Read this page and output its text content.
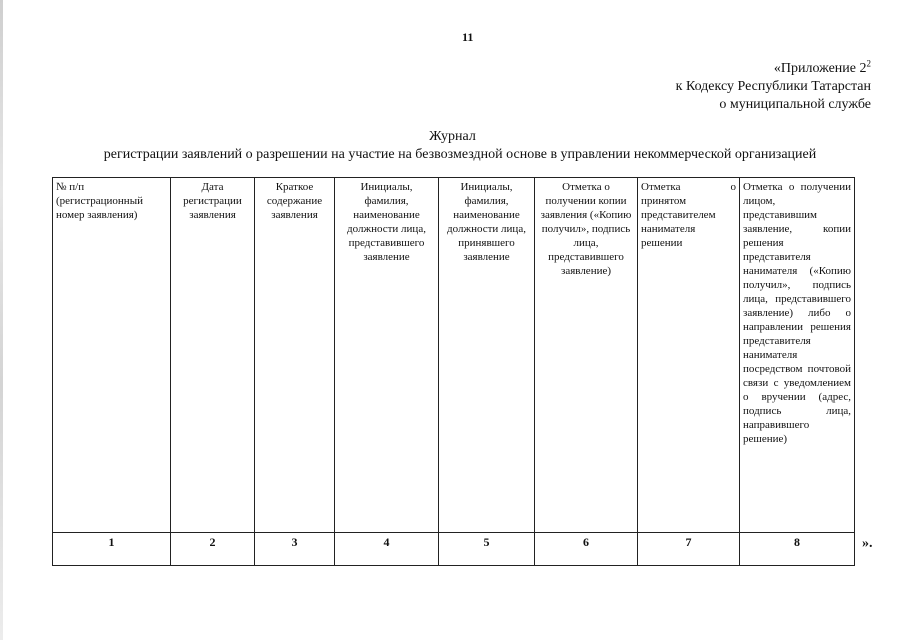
11
«Приложение $2^2$
к Кодексу Республики Татарстан
о муниципальной службе
Журнал
регистрации заявлений о разрешении на участие на безвозмездной основе в управлении некоммерческой организацией
№ п/п (регистрационный номер заявления)	Дата регистрации заявления	Краткое содержание заявления	Инициалы, фамилия, наименование должности лица, представившего заявление	Инициалы, фамилия, наименование должности лица, принявшего заявление	Отметка о получении копии заявления («Копию получил», подпись лица, представившего заявление)	Отметка о принятом представителем нанимателя решении	Отметка о получении лицом, представившим заявление, копии решения представителя нанимателя («Копию получил», подпись лица, представившего заявление) либо о направлении решения представителя нанимателя посредством почтовой связи с уведомлением о вручении (адрес, подпись лица, направившего решение)
1	2	3	4	5	6	7	8	».
